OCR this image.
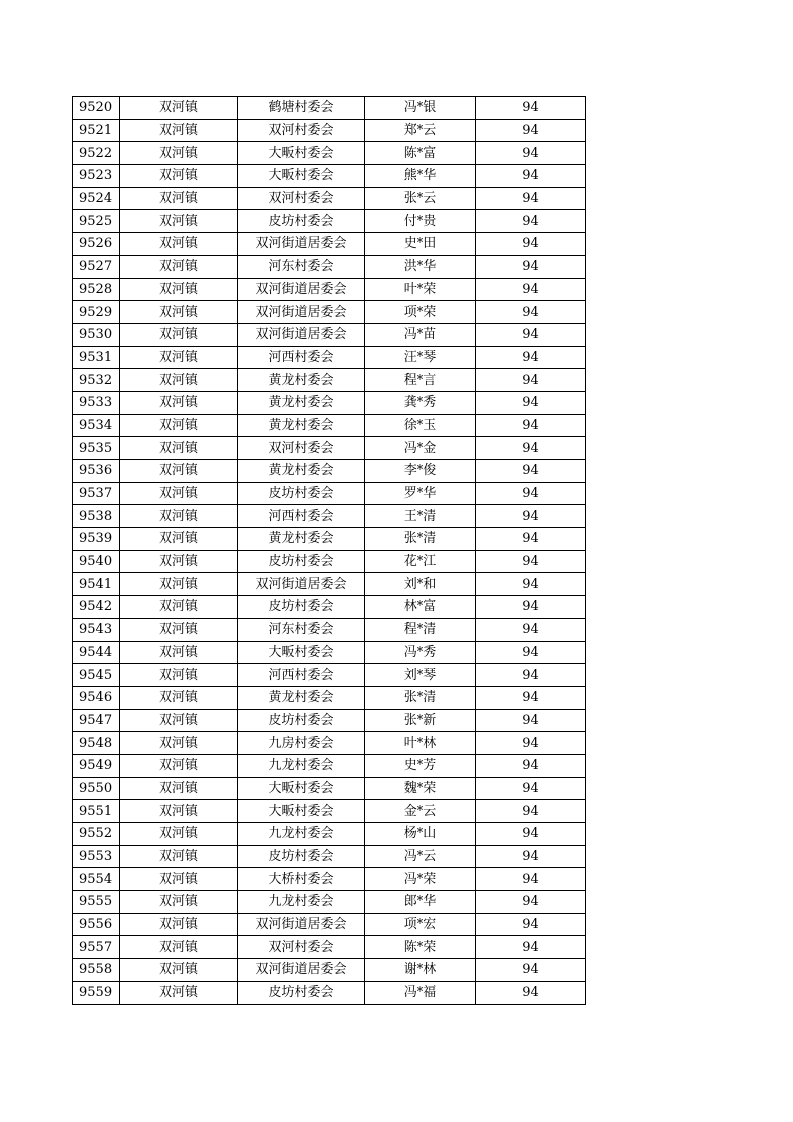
9520	双河镇	鹤塘村委会	冯*银	94
9521	双河镇	双河村委会	郑*云	94
9522	双河镇	大畈村委会	陈*富	94
9523	双河镇	大畈村委会	熊*华	94
9524	双河镇	双河村委会	张*云	94
9525	双河镇	皮坊村委会	付*贵	94
9526	双河镇	双河街道居委会	史*田	94
9527	双河镇	河东村委会	洪*华	94
9528	双河镇	双河街道居委会	叶*荣	94
9529	双河镇	双河街道居委会	项*荣	94
9530	双河镇	双河街道居委会	冯*苗	94
9531	双河镇	河西村委会	汪*琴	94
9532	双河镇	黄龙村委会	程*言	94
9533	双河镇	黄龙村委会	龚*秀	94
9534	双河镇	黄龙村委会	徐*玉	94
9535	双河镇	双河村委会	冯*金	94
9536	双河镇	黄龙村委会	李*俊	94
9537	双河镇	皮坊村委会	罗*华	94
9538	双河镇	河西村委会	王*清	94
9539	双河镇	黄龙村委会	张*清	94
9540	双河镇	皮坊村委会	花*江	94
9541	双河镇	双河街道居委会	刘*和	94
9542	双河镇	皮坊村委会	林*富	94
9543	双河镇	河东村委会	程*清	94
9544	双河镇	大畈村委会	冯*秀	94
9545	双河镇	河西村委会	刘*琴	94
9546	双河镇	黄龙村委会	张*清	94
9547	双河镇	皮坊村委会	张*新	94
9548	双河镇	九房村委会	叶*林	94
9549	双河镇	九龙村委会	史*芳	94
9550	双河镇	大畈村委会	魏*荣	94
9551	双河镇	大畈村委会	金*云	94
9552	双河镇	九龙村委会	杨*山	94
9553	双河镇	皮坊村委会	冯*云	94
9554	双河镇	大桥村委会	冯*荣	94
9555	双河镇	九龙村委会	郎*华	94
9556	双河镇	双河街道居委会	项*宏	94
9557	双河镇	双河村委会	陈*荣	94
9558	双河镇	双河街道居委会	谢*林	94
9559	双河镇	皮坊村委会	冯*福	94
